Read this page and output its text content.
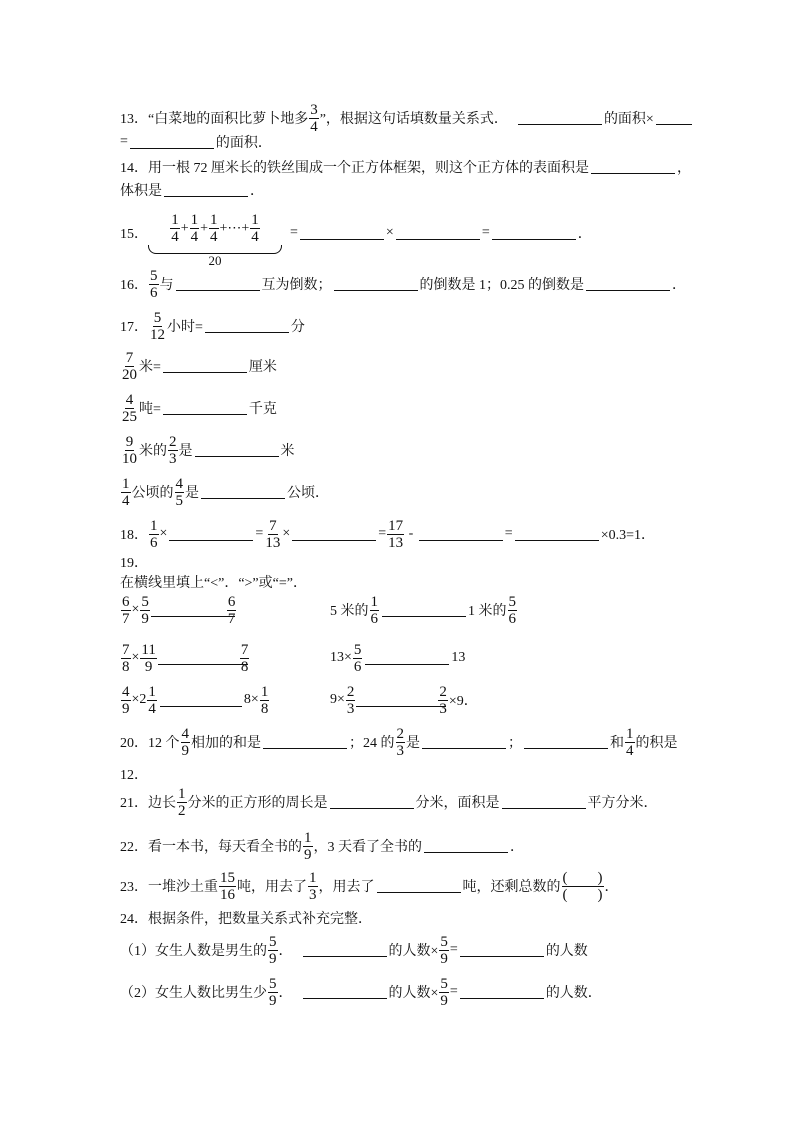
13． “白菜地的面积比萝卜地多 $\frac{3}{4}$ ”，根据这句话填数量关系式．	的面积×
=	的面积．
14． 用一根 72 厘米长的铁丝围成一个正方体框架，则这个正方体的表面积是	，
体积是	．
15． $\frac{1}{4} + \frac{1}{4} + \frac{1}{4}$ +⋯+ $\frac{1}{4}$
20
=	×	=	．
16． $\frac{5}{6}$ 与	互为倒数；	的倒数是 1；0.25 的倒数是	．
17． $\frac{5}{12}$ 小时=	分
$\frac{7}{20}$ 米=	厘米
$\frac{4}{25}$ 吨=	千克
$\frac{9}{10}$ 米的 $\frac{2}{3}$ 是	米
$\frac{1}{4}$ 公顷的 $\frac{4}{5}$ 是	公顷．
18． $\frac{1}{6}$ ×	= $\frac{7}{13}$ ×	= $\frac{17}{13}$ -	=	×0.3=1．
19．
在横线里填上“<”．“>”或“=”．
$\frac{6}{7} \times \frac{5}{9}$	$\frac{6}{7}$	5 米的 $\frac{1}{6}$	1 米的 $\frac{5}{6}$
$\frac{7}{8} \times \frac{11}{9}$	$\frac{7}{8}$	$13\times \frac{5}{6}$	13
$\frac{4}{9} \times 2 \frac{1}{4}$	$8\times \frac{1}{8}$	$9\times \frac{2}{3}$	$\frac{2}{3} \times 9$．
20． 12 个 $\frac{4}{9}$ 相加的和是	；24 的 $\frac{2}{3}$ 是	；	和 $\frac{1}{4}$ 的积是
12．
21． 边长 $\frac{1}{2}$ 分米的正方形的周长是	分米，面积是	平方分米．
22． 看一本书，每天看全书的 $\frac{1}{9}$ ，3 天看了全书的	．
23． 一堆沙土重 $\frac{15}{16}$ 吨，用去了 $\frac{1}{3}$ ，用去了	吨，还剩总数的 $\frac{( )}{( )}$ ．
24． 根据条件，把数量关系式补充完整．
（1）女生人数是男生的 $\frac{5}{9}$ ．	的人数× $\frac{5}{9}$ =	的人数
（2）女生人数比男生少 $\frac{5}{9}$ ．	的人数× $\frac{5}{9}$ =	的人数．
